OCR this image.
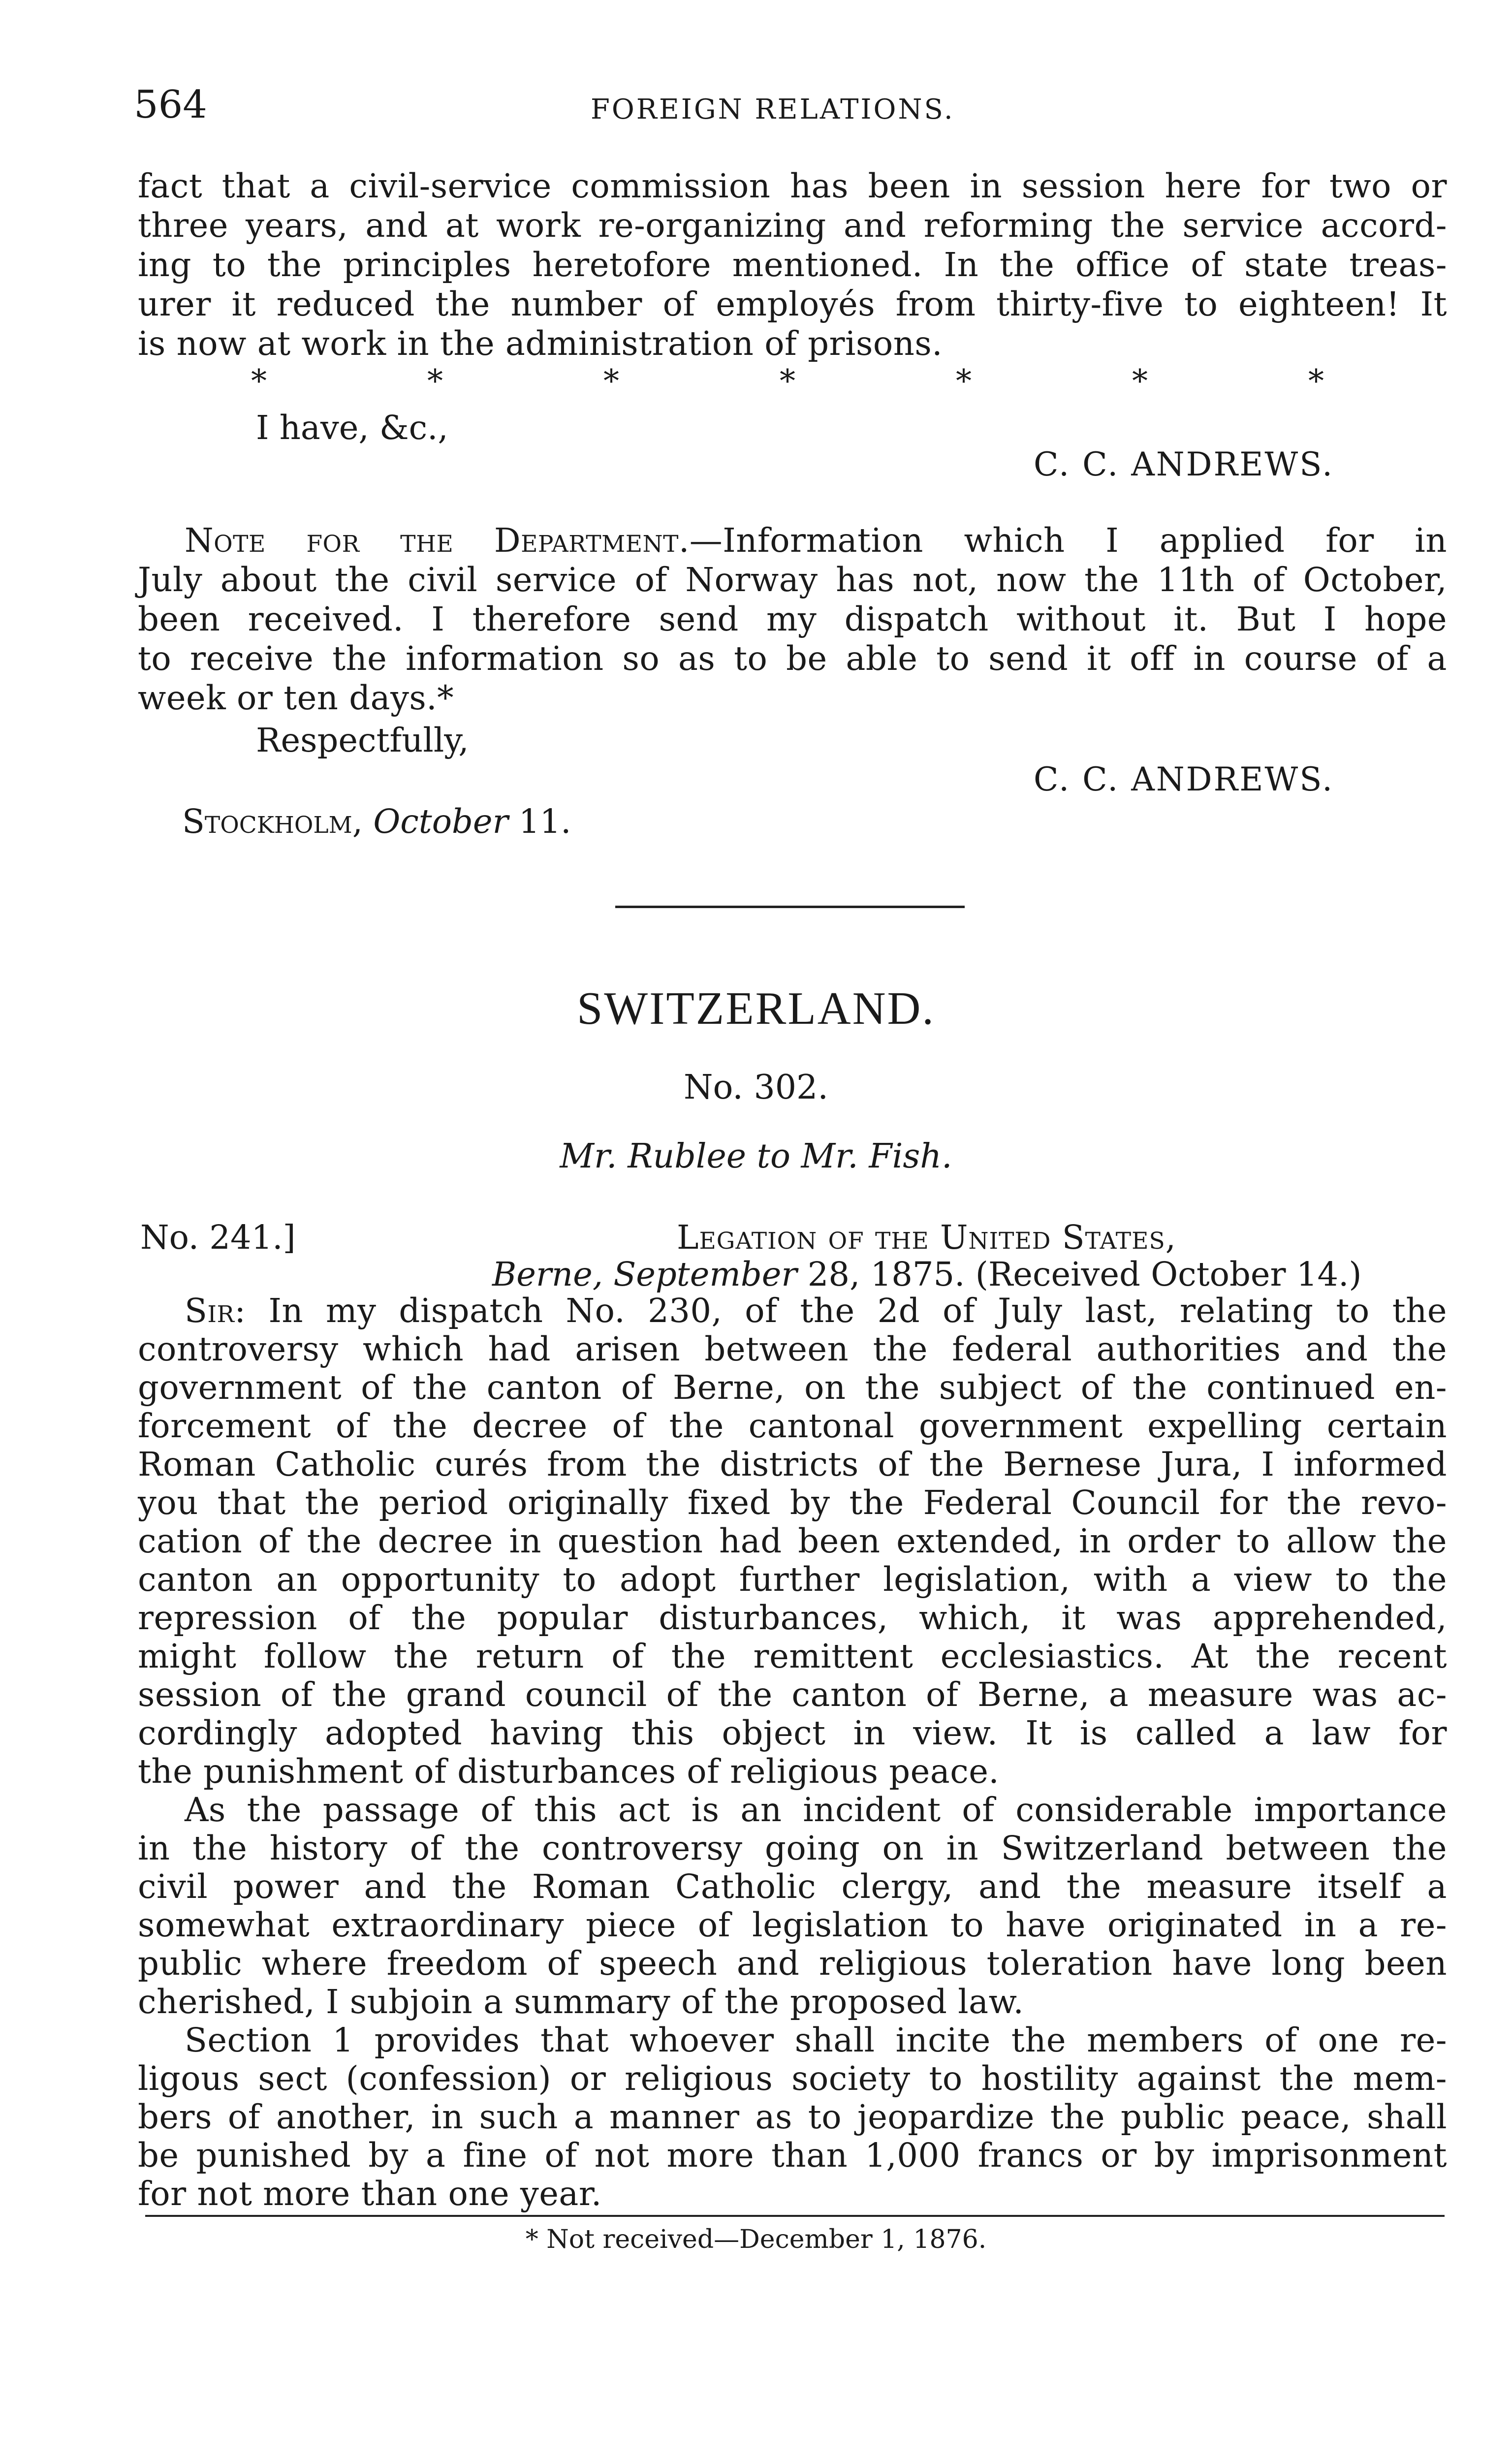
564	FOREIGN RELATIONS.
fact that a civil-service commission has been in session here for two or
three years, and at work re-organizing and reforming the service accord-
ing to the principles heretofore mentioned. In the office of state treas-
urer it reduced the number of employés from thirty-five to eighteen! It
is now at work in the administration of prisons.
*	*	*	*	*	*	*
I have, &c.,
C. C. ANDREWS.
Note for the Department.—Information which I applied for in
July about the civil service of Norway has not, now the 11th of October,
been received. I therefore send my dispatch without it. But I hope
to receive the information so as to be able to send it off in course of a
week or ten days.*
Respectfully,
C. C. ANDREWS.
Stockholm, October 11.
SWITZERLAND.
No. 302.
Mr. Rublee to Mr. Fish.
No. 241.]	Legation of the United States,
Berne, September 28, 1875. (Received October 14.)
Sir: In my dispatch No. 230, of the 2d of July last, relating to the
controversy which had arisen between the federal authorities and the
government of the canton of Berne, on the subject of the continued en-
forcement of the decree of the cantonal government expelling certain
Roman Catholic curés from the districts of the Bernese Jura, I informed
you that the period originally fixed by the Federal Council for the revo-
cation of the decree in question had been extended, in order to allow the
canton an opportunity to adopt further legislation, with a view to the
repression of the popular disturbances, which, it was apprehended,
might follow the return of the remittent ecclesiastics. At the recent
session of the grand council of the canton of Berne, a measure was ac-
cordingly adopted having this object in view. It is called a law for
the punishment of disturbances of religious peace.
As the passage of this act is an incident of considerable importance
in the history of the controversy going on in Switzerland between the
civil power and the Roman Catholic clergy, and the measure itself a
somewhat extraordinary piece of legislation to have originated in a re-
public where freedom of speech and religious toleration have long been
cherished, I subjoin a summary of the proposed law.
Section 1 provides that whoever shall incite the members of one re-
ligous sect (confession) or religious society to hostility against the mem-
bers of another, in such a manner as to jeopardize the public peace, shall
be punished by a fine of not more than 1,000 francs or by imprisonment
for not more than one year.
* Not received—December 1, 1876.
